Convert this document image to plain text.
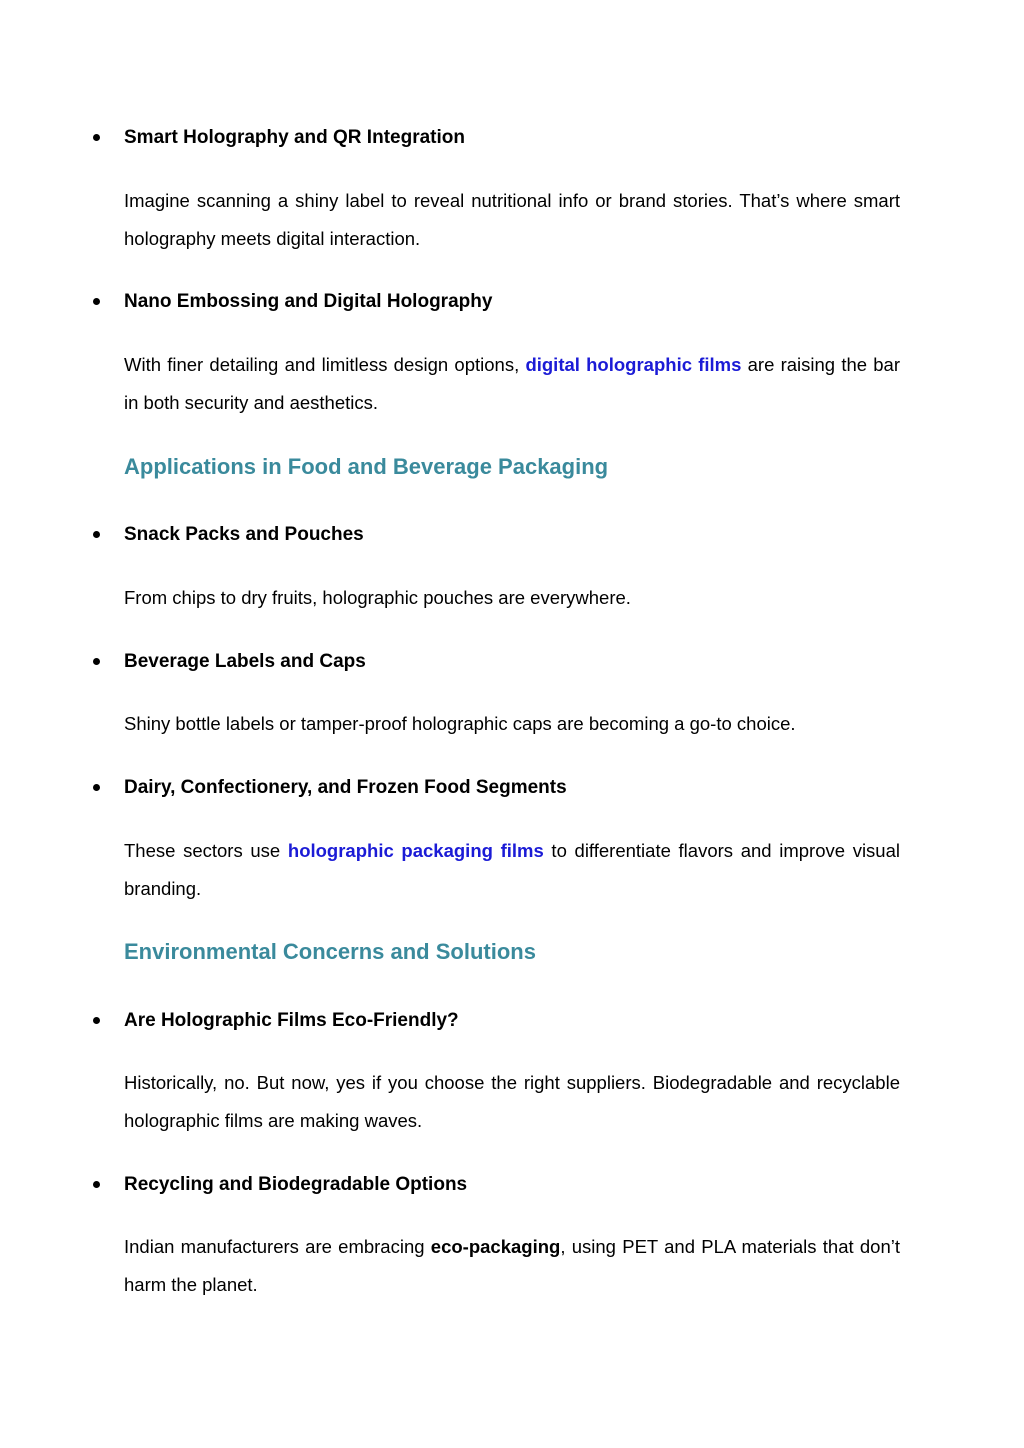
Smart Holography and QR Integration
Imagine scanning a shiny label to reveal nutritional info or brand stories. That’s where smart holography meets digital interaction.
Nano Embossing and Digital Holography
With finer detailing and limitless design options, digital holographic films are raising the bar in both security and aesthetics.
Applications in Food and Beverage Packaging
Snack Packs and Pouches
From chips to dry fruits, holographic pouches are everywhere.
Beverage Labels and Caps
Shiny bottle labels or tamper-proof holographic caps are becoming a go-to choice.
Dairy, Confectionery, and Frozen Food Segments
These sectors use holographic packaging films to differentiate flavors and improve visual branding.
Environmental Concerns and Solutions
Are Holographic Films Eco-Friendly?
Historically, no. But now, yes if you choose the right suppliers. Biodegradable and recyclable holographic films are making waves.
Recycling and Biodegradable Options
Indian manufacturers are embracing eco-packaging, using PET and PLA materials that don’t harm the planet.
